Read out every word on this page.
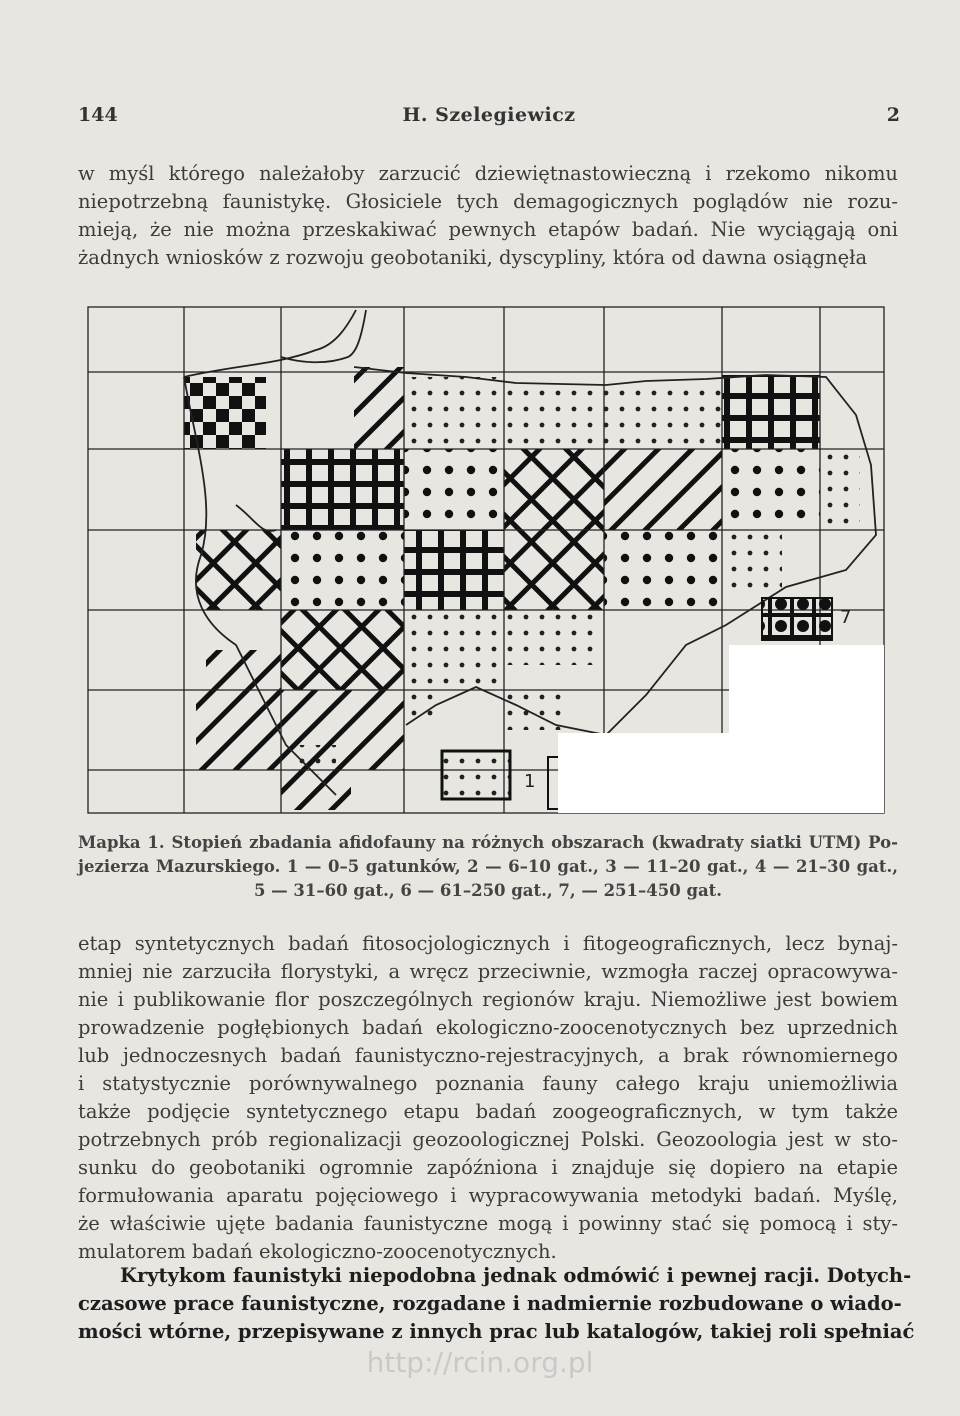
144	H. Szelegiewicz	2
w myśl którego należałoby zarzucić dziewiętnastowieczną i rzekomo nikomu
niepotrzebną faunistykę. Głosiciele tych demagogicznych poglądów nie rozu-
mieją, że nie można przeskakiwać pewnych etapów badań. Nie wyciągają oni
żadnych wniosków z rozwoju geobotaniki, dyscypliny, która od dawna osiągnęła
1
7
Mapka 1. Stopień zbadania afidofauny na różnych obszarach (kwadraty siatki UTM) Po-
jezierza Mazurskiego. 1 — 0–5 gatunków, 2 — 6–10 gat., 3 — 11–20 gat., 4 — 21–30 gat.,
5 — 31–60 gat., 6 — 61–250 gat., 7, — 251–450 gat.
etap syntetycznych badań fitosocjologicznych i fitogeograficznych, lecz bynaj-
mniej nie zarzuciła florystyki, a wręcz przeciwnie, wzmogła raczej opracowywa-
nie i publikowanie flor poszczególnych regionów kraju. Niemożliwe jest bowiem
prowadzenie pogłębionych badań ekologiczno-zoocenotycznych bez uprzednich
lub jednoczesnych badań faunistyczno-rejestracyjnych, a brak równomiernego
i statystycznie porównywalnego poznania fauny całego kraju uniemożliwia
także podjęcie syntetycznego etapu badań zoogeograficznych, w tym także
potrzebnych prób regionalizacji geozoologicznej Polski. Geozoologia jest w sto-
sunku do geobotaniki ogromnie zapóźniona i znajduje się dopiero na etapie
formułowania aparatu pojęciowego i wypracowywania metodyki badań. Myślę,
że właściwie ujęte badania faunistyczne mogą i powinny stać się pomocą i sty-
mulatorem badań ekologiczno-zoocenotycznych.
Krytykom faunistyki niepodobna jednak odmówić i pewnej racji. Dotych-
czasowe prace faunistyczne, rozgadane i nadmiernie rozbudowane o wiado-
mości wtórne, przepisywane z innych prac lub katalogów, takiej roli spełniać
http://rcin.org.pl
